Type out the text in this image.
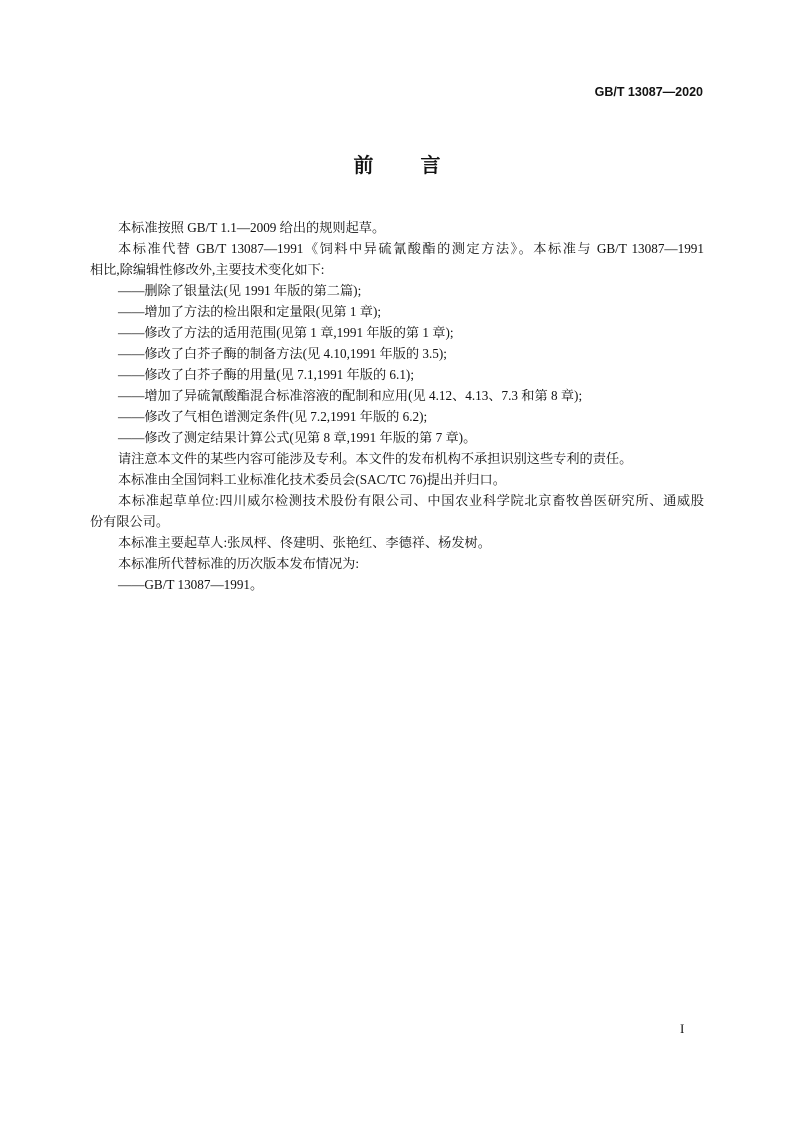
GB/T 13087—2020
前 言
本标准按照 GB/T 1.1—2009 给出的规则起草。
本标准代替 GB/T 13087—1991《饲料中异硫氰酸酯的测定方法》。本标准与 GB/T 13087—1991
相比,除编辑性修改外,主要技术变化如下:
——删除了银量法(见 1991 年版的第二篇);
——增加了方法的检出限和定量限(见第 1 章);
——修改了方法的适用范围(见第 1 章,1991 年版的第 1 章);
——修改了白芥子酶的制备方法(见 4.10,1991 年版的 3.5);
——修改了白芥子酶的用量(见 7.1,1991 年版的 6.1);
——增加了异硫氰酸酯混合标准溶液的配制和应用(见 4.12、4.13、7.3 和第 8 章);
——修改了气相色谱测定条件(见 7.2,1991 年版的 6.2);
——修改了测定结果计算公式(见第 8 章,1991 年版的第 7 章)。
请注意本文件的某些内容可能涉及专利。本文件的发布机构不承担识别这些专利的责任。
本标准由全国饲料工业标准化技术委员会(SAC/TC 76)提出并归口。
本标准起草单位:四川威尔检测技术股份有限公司、中国农业科学院北京畜牧兽医研究所、通威股
份有限公司。
本标准主要起草人:张凤枰、佟建明、张艳红、李德祥、杨发树。
本标准所代替标准的历次版本发布情况为:
——GB/T 13087—1991。
I
